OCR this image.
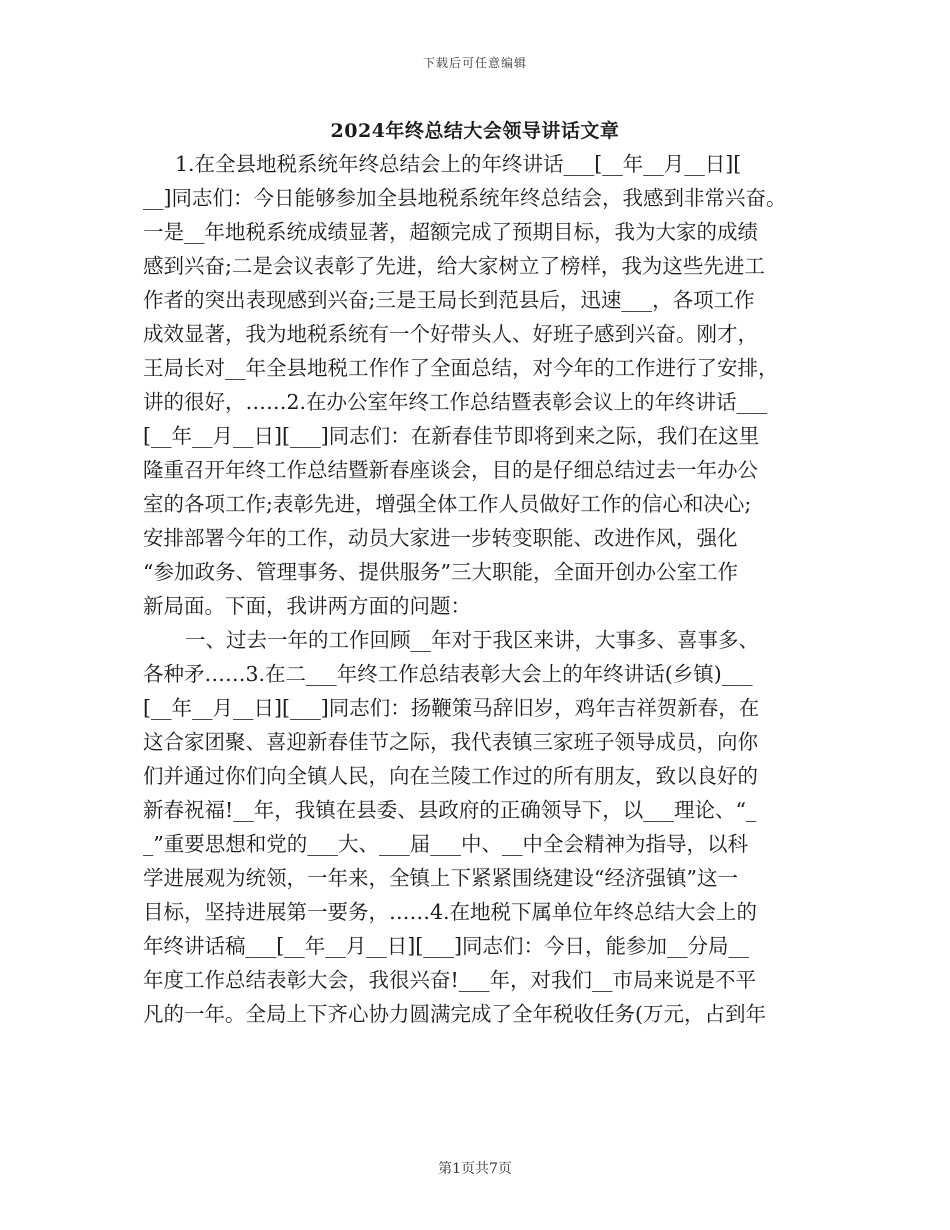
下载后可任意编辑
2024年终总结大会领导讲话文章
1.在全县地税系统年终总结会上的年终讲话___[__年__月__日][
__]同志们：今日能够参加全县地税系统年终总结会，我感到非常兴奋。
一是__年地税系统成绩显著，超额完成了预期目标，我为大家的成绩
感到兴奋;二是会议表彰了先进，给大家树立了榜样，我为这些先进工
作者的突出表现感到兴奋;三是王局长到范县后，迅速___，各项工作
成效显著，我为地税系统有一个好带头人、好班子感到兴奋。刚才，
王局长对__年全县地税工作作了全面总结，对今年的工作进行了安排，
讲的很好，……2.在办公室年终工作总结暨表彰会议上的年终讲话___
[__年__月__日][___]同志们：在新春佳节即将到来之际，我们在这里
隆重召开年终工作总结暨新春座谈会，目的是仔细总结过去一年办公
室的各项工作;表彰先进，增强全体工作人员做好工作的信心和决心;
安排部署今年的工作，动员大家进一步转变职能、改进作风，强化
“参加政务、管理事务、提供服务”三大职能，全面开创办公室工作
新局面。下面，我讲两方面的问题：
一、过去一年的工作回顾__年对于我区来讲，大事多、喜事多、
各种矛……3.在二___年终工作总结表彰大会上的年终讲话(乡镇)___
[__年__月__日][___]同志们：扬鞭策马辞旧岁，鸡年吉祥贺新春，在
这合家团聚、喜迎新春佳节之际，我代表镇三家班子领导成员，向你
们并通过你们向全镇人民，向在兰陵工作过的所有朋友，致以良好的
新春祝福!__年，我镇在县委、县政府的正确领导下，以___理论、“_
_”重要思想和党的___大、___届___中、__中全会精神为指导，以科
学进展观为统领，一年来，全镇上下紧紧围绕建设“经济强镇”这一
目标，坚持进展第一要务，……4.在地税下属单位年终总结大会上的
年终讲话稿___[__年__月__日][___]同志们：今日，能参加__分局__
年度工作总结表彰大会，我很兴奋!___年，对我们__市局来说是不平
凡的一年。全局上下齐心协力圆满完成了全年税收任务(万元，占到年
第1页共7页
